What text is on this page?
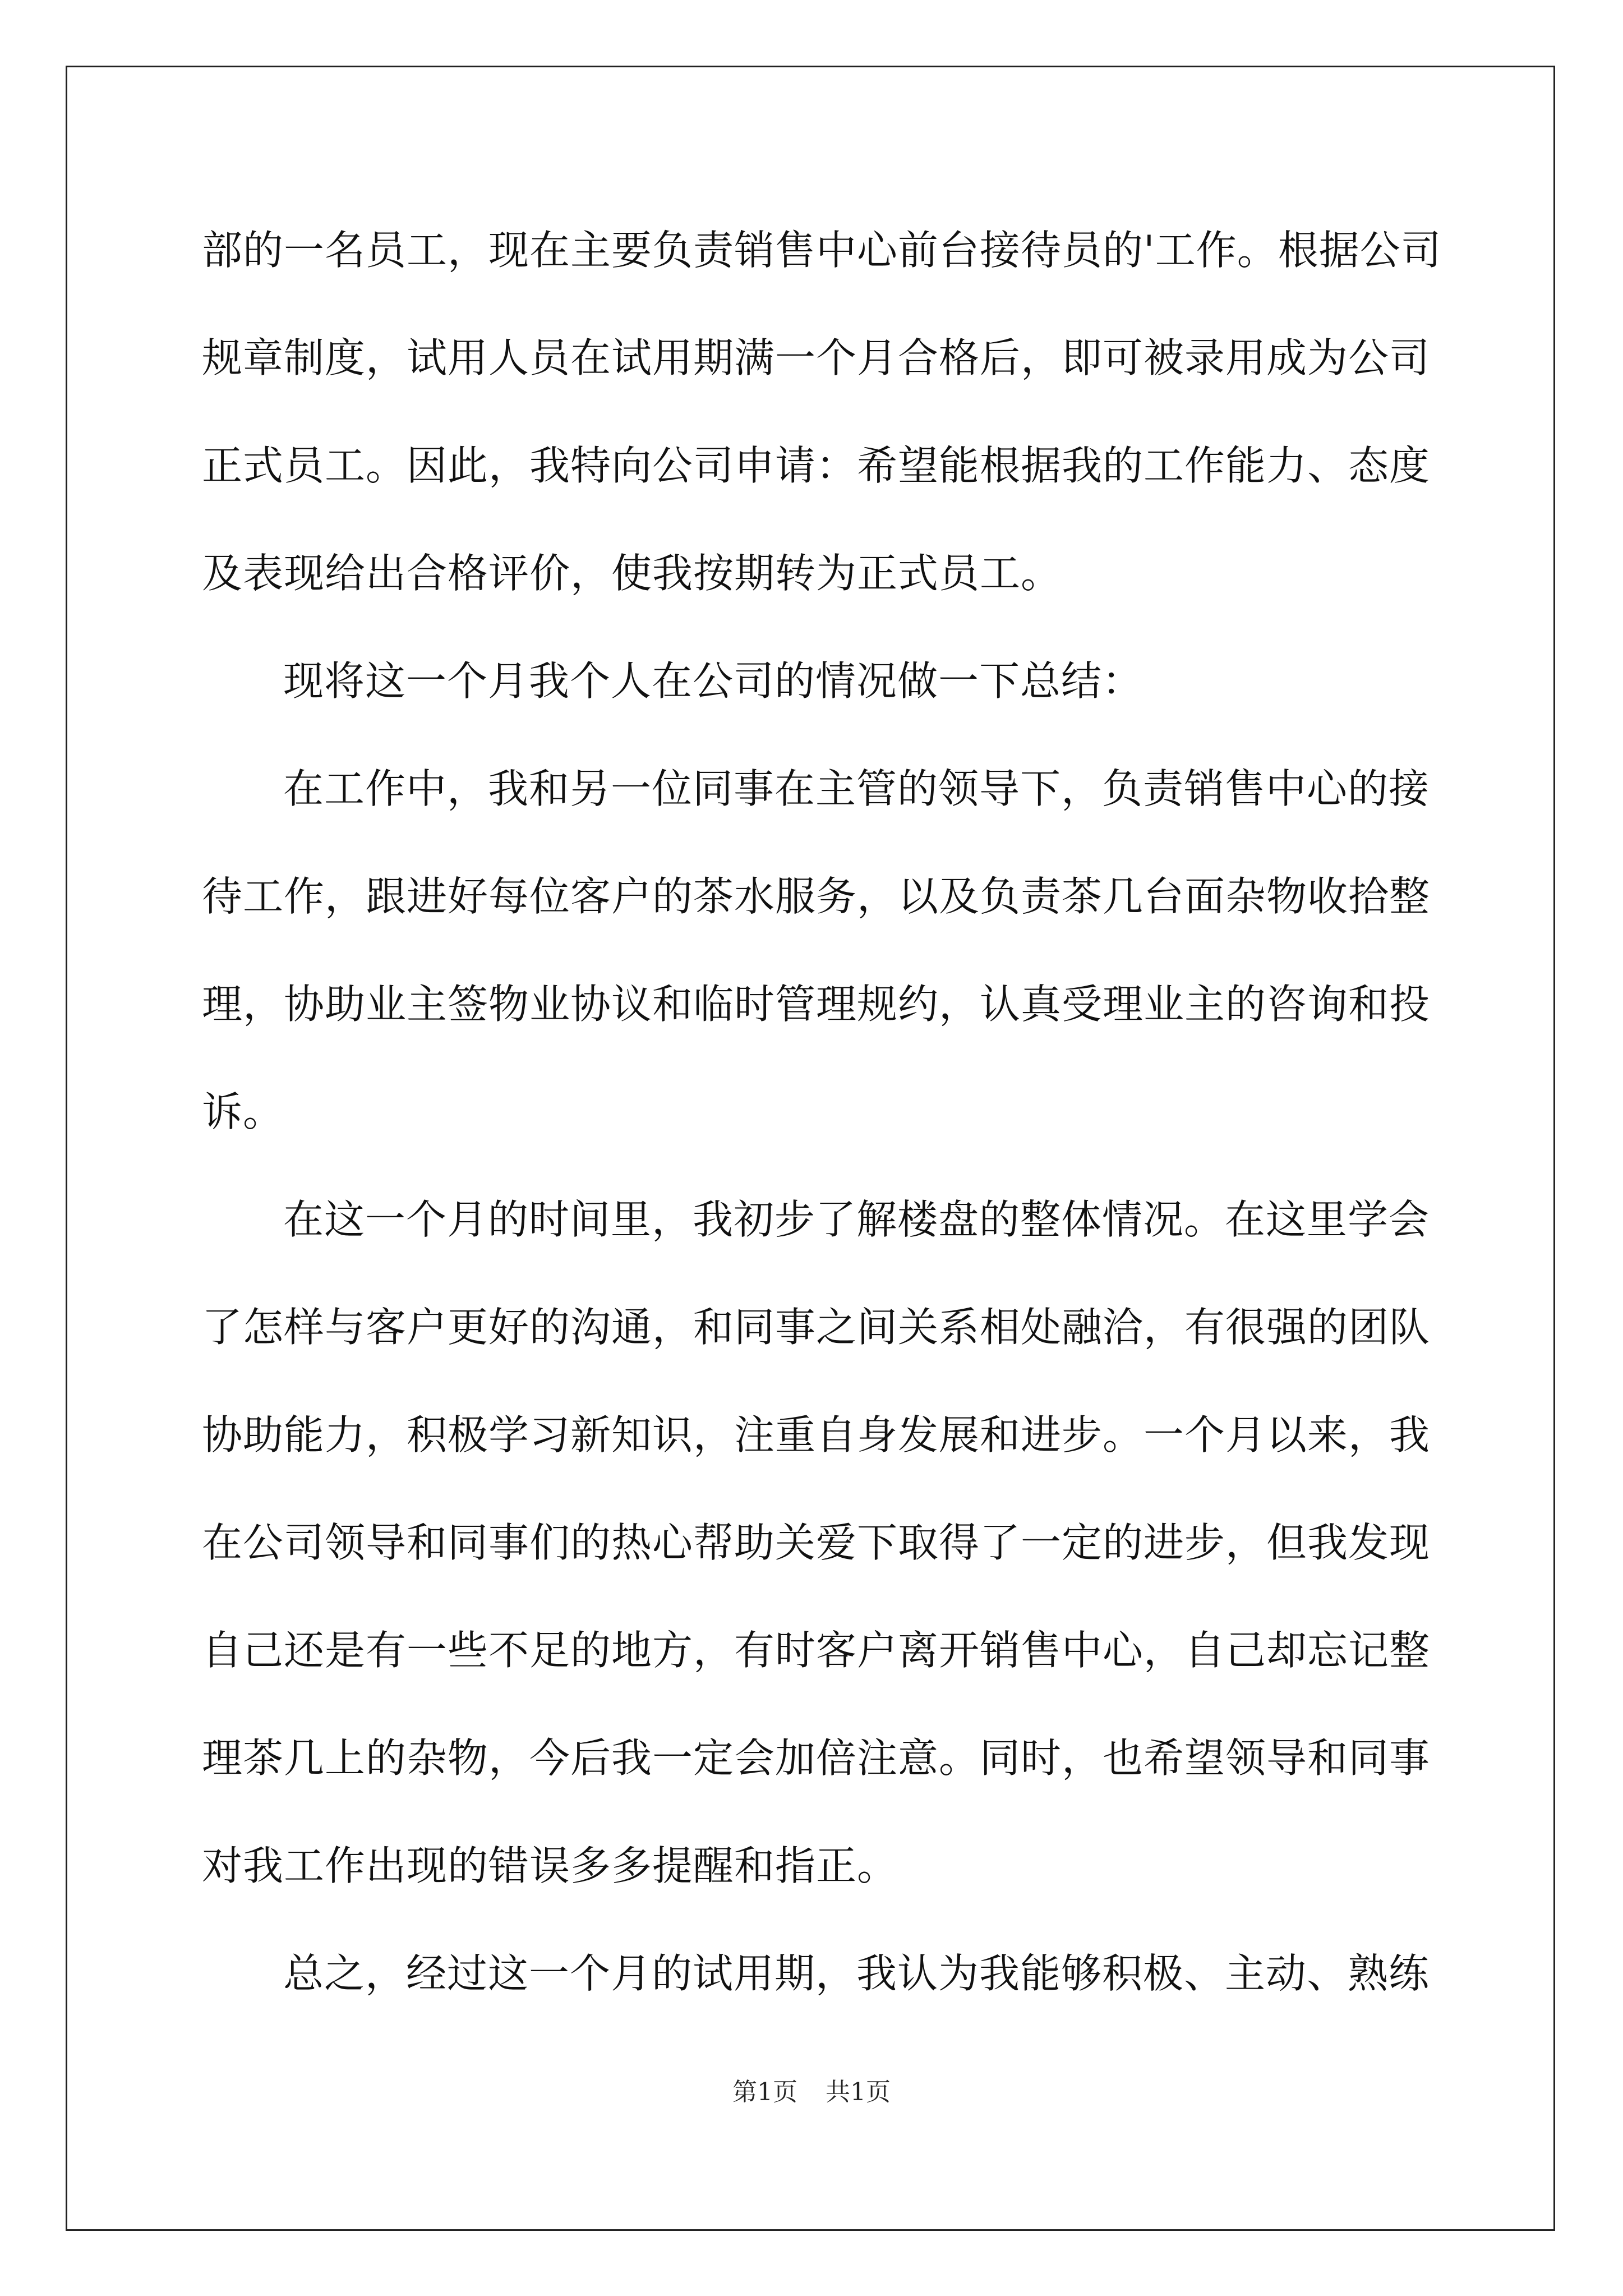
部的一名员工，现在主要负责销售中心前台接待员的'工作。根据公司
规章制度，试用人员在试用期满一个月合格后，即可被录用成为公司
正式员工。因此，我特向公司申请：希望能根据我的工作能力、态度
及表现给出合格评价，使我按期转为正式员工。
现将这一个月我个人在公司的情况做一下总结：
在工作中，我和另一位同事在主管的领导下，负责销售中心的接
待工作，跟进好每位客户的茶水服务，以及负责茶几台面杂物收拾整
理，协助业主签物业协议和临时管理规约，认真受理业主的咨询和投
诉。
在这一个月的时间里，我初步了解楼盘的整体情况。在这里学会
了怎样与客户更好的沟通，和同事之间关系相处融洽，有很强的团队
协助能力，积极学习新知识，注重自身发展和进步。一个月以来，我
在公司领导和同事们的热心帮助关爱下取得了一定的进步，但我发现
自己还是有一些不足的地方，有时客户离开销售中心，自己却忘记整
理茶几上的杂物，今后我一定会加倍注意。同时，也希望领导和同事
对我工作出现的错误多多提醒和指正。
总之，经过这一个月的试用期，我认为我能够积极、主动、熟练
第1页 共1页
